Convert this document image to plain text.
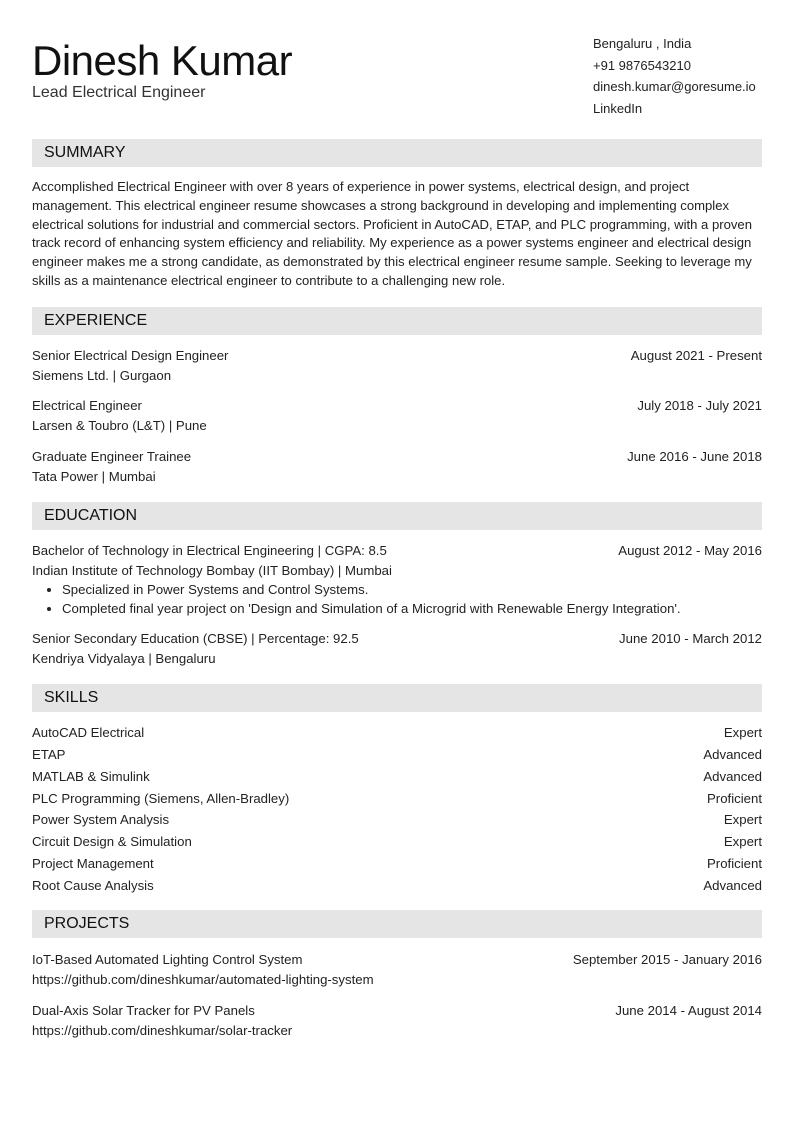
Dinesh Kumar
Lead Electrical Engineer
Bengaluru , India
+91 9876543210
dinesh.kumar@goresume.io
LinkedIn
SUMMARY

Accomplished Electrical Engineer with over 8 years of experience in power systems, electrical design, and project management. This electrical engineer resume showcases a strong background in developing and implementing complex electrical solutions for industrial and commercial sectors. Proficient in AutoCAD, ETAP, and PLC programming, with a proven track record of enhancing system efficiency and reliability. My experience as a power systems engineer and electrical design engineer makes me a strong candidate, as demonstrated by this electrical engineer resume sample. Seeking to leverage my skills as a maintenance electrical engineer to contribute to a challenging new role.

EXPERIENCE
Senior Electrical Design Engineer	August 2021 - Present
Siemens Ltd. | Gurgaon
Electrical Engineer	July 2018 - July 2021
Larsen & Toubro (L&T) | Pune
Graduate Engineer Trainee	June 2016 - June 2018
Tata Power | Mumbai
EDUCATION
Bachelor of Technology in Electrical Engineering | CGPA: 8.5	August 2012 - May 2016
Indian Institute of Technology Bombay (IIT Bombay) | Mumbai
• Specialized in Power Systems and Control Systems.
• Completed final year project on 'Design and Simulation of a Microgrid with Renewable Energy Integration'.
Senior Secondary Education (CBSE) | Percentage: 92.5	June 2010 - March 2012
Kendriya Vidyalaya | Bengaluru
SKILLS
AutoCAD Electrical	Expert
ETAP	Advanced
MATLAB & Simulink	Advanced
PLC Programming (Siemens, Allen-Bradley)	Proficient
Power System Analysis	Expert
Circuit Design & Simulation	Expert
Project Management	Proficient
Root Cause Analysis	Advanced
PROJECTS
IoT-Based Automated Lighting Control System	September 2015 - January 2016
https://github.com/dineshkumar/automated-lighting-system
Dual-Axis Solar Tracker for PV Panels	June 2014 - August 2014
https://github.com/dineshkumar/solar-tracker
